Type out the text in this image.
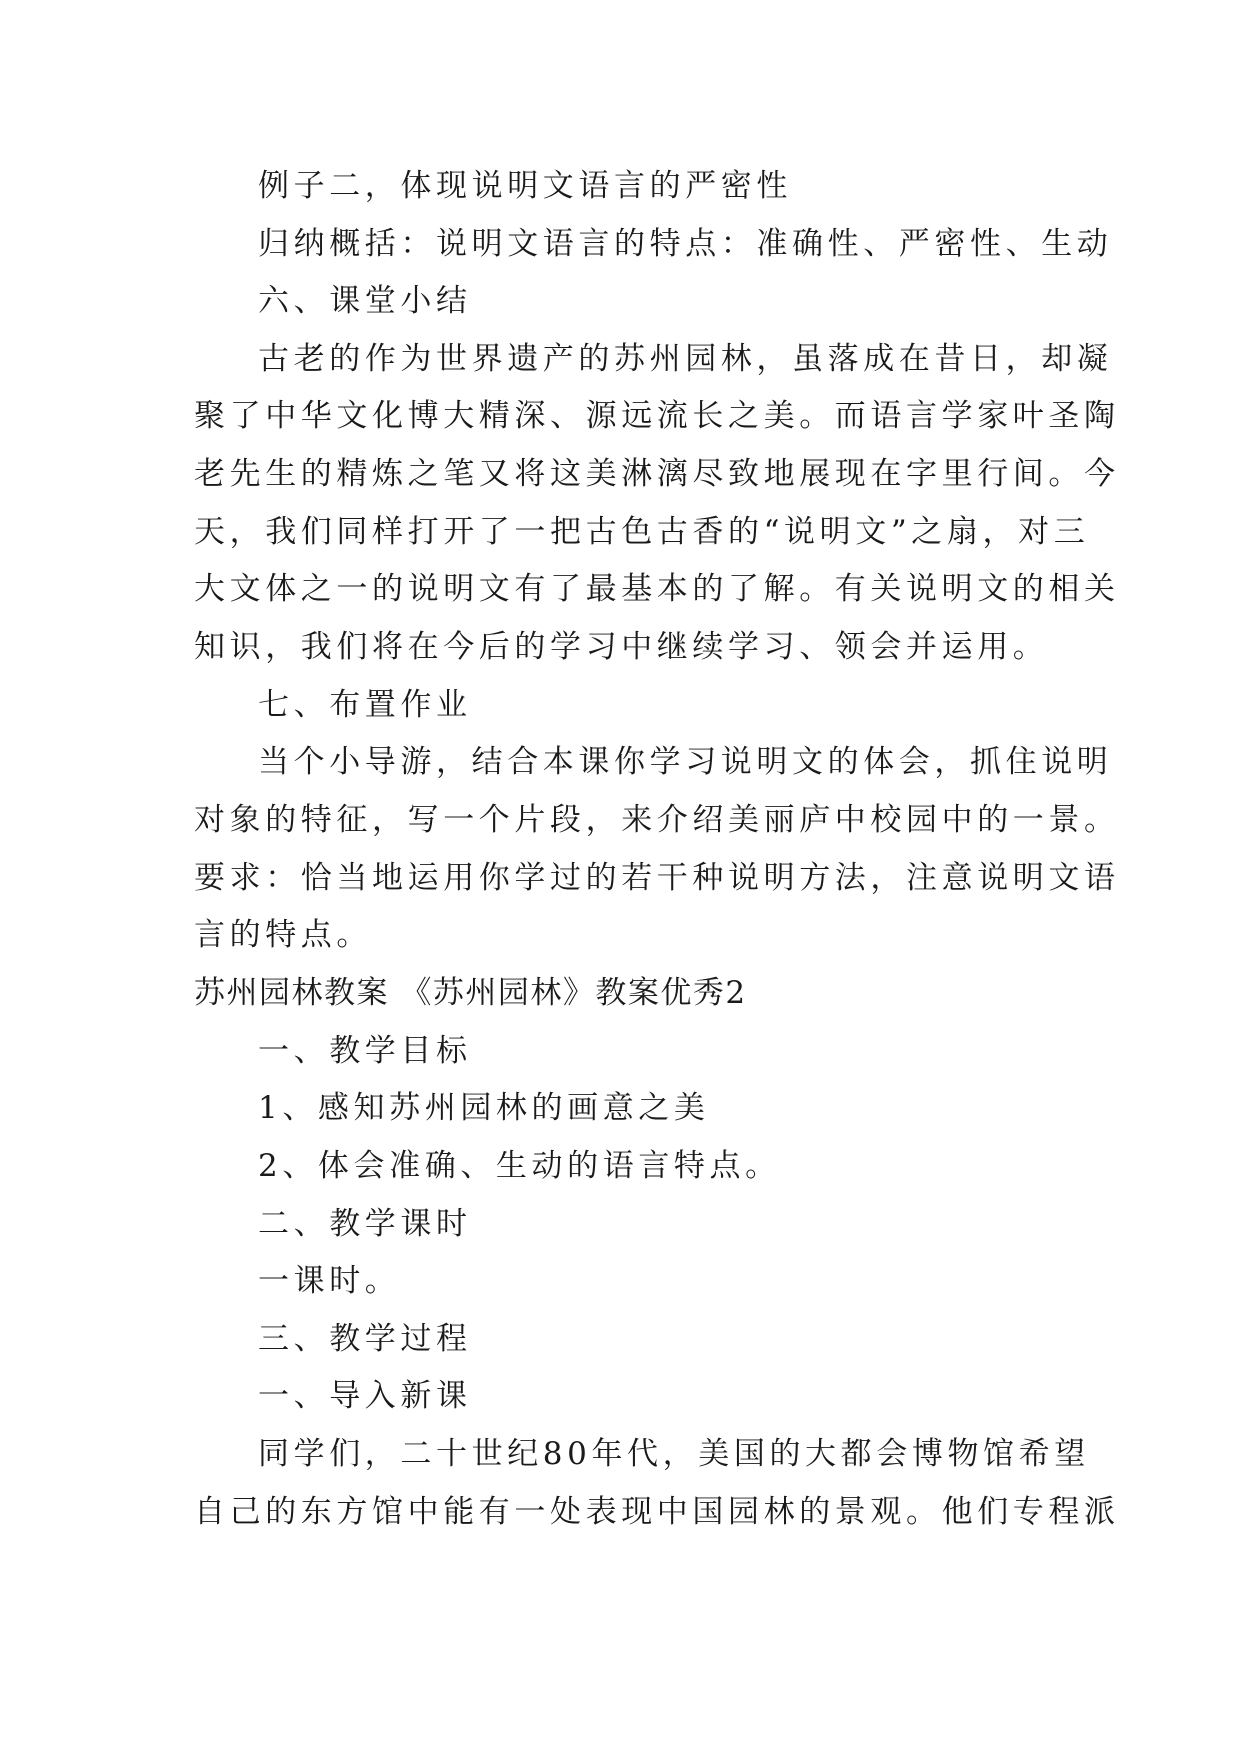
例子二，体现说明文语言的严密性
归纳概括：说明文语言的特点：准确性、严密性、生动
六、课堂小结
古老的作为世界遗产的苏州园林，虽落成在昔日，却凝
聚了中华文化博大精深、源远流长之美。而语言学家叶圣陶
老先生的精炼之笔又将这美淋漓尽致地展现在字里行间。今
天，我们同样打开了一把古色古香的“说明文”之扇，对三
大文体之一的说明文有了最基本的了解。有关说明文的相关
知识，我们将在今后的学习中继续学习、领会并运用。
七、布置作业
当个小导游，结合本课你学习说明文的体会，抓住说明
对象的特征，写一个片段，来介绍美丽庐中校园中的一景。
要求：恰当地运用你学过的若干种说明方法，注意说明文语
言的特点。
苏州园林教案 《苏州园林》教案优秀2
一、教学目标
1、感知苏州园林的画意之美
2、体会准确、生动的语言特点。
二、教学课时
一课时。
三、教学过程
一、导入新课
同学们，二十世纪80年代，美国的大都会博物馆希望
自己的东方馆中能有一处表现中国园林的景观。他们专程派
